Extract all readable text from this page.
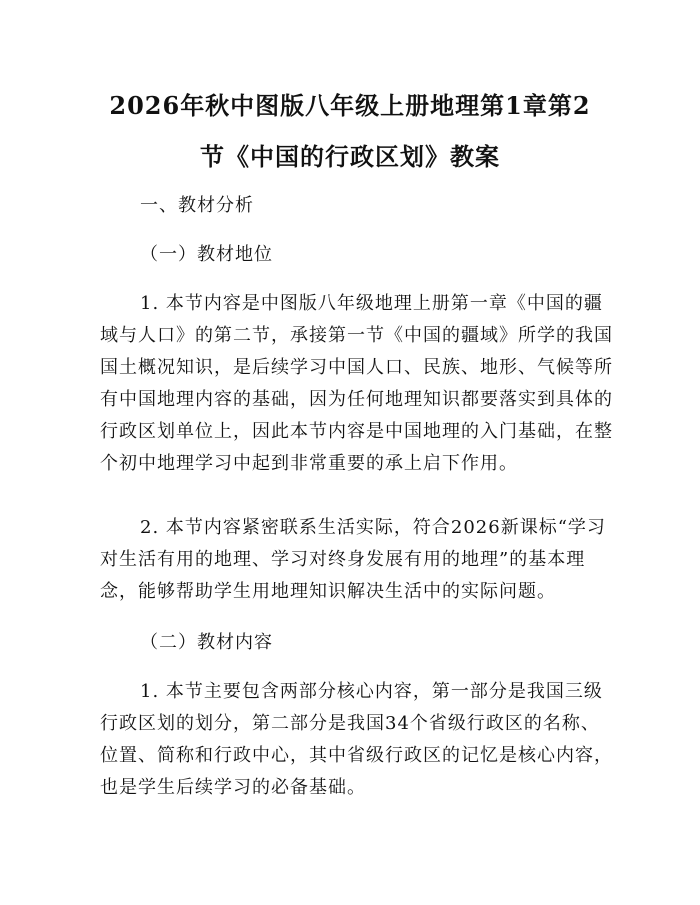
2026年秋中图版八年级上册地理第1章第2
节《中国的行政区划》教案
一、教材分析
（一）教材地位
1. 本节内容是中图版八年级地理上册第一章《中国的疆
域与人口》的第二节，承接第一节《中国的疆域》所学的我国
国土概况知识，是后续学习中国人口、民族、地形、气候等所
有中国地理内容的基础，因为任何地理知识都要落实到具体的
行政区划单位上，因此本节内容是中国地理的入门基础，在整
个初中地理学习中起到非常重要的承上启下作用。
2. 本节内容紧密联系生活实际，符合2026新课标“学习
对生活有用的地理、学习对终身发展有用的地理”的基本理
念，能够帮助学生用地理知识解决生活中的实际问题。
（二）教材内容
1. 本节主要包含两部分核心内容，第一部分是我国三级
行政区划的划分，第二部分是我国34个省级行政区的名称、
位置、简称和行政中心，其中省级行政区的记忆是核心内容，
也是学生后续学习的必备基础。
